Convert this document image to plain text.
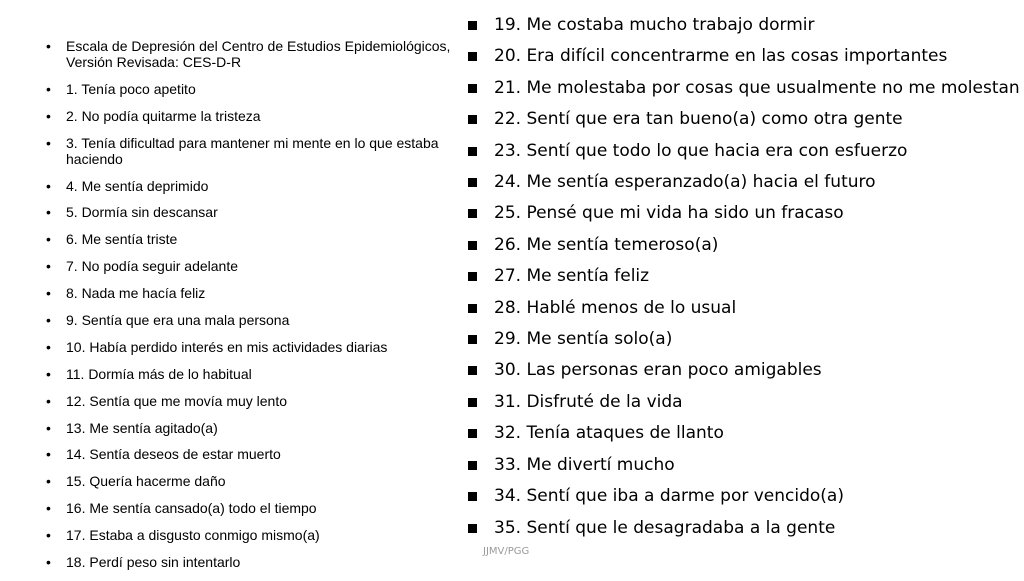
• Escala de Depresión del Centro de Estudios Epidemiológicos, Versión Revisada: CES-D-R
• 1. Tenía poco apetito
• 2. No podía quitarme la tristeza
• 3. Tenía dificultad para mantener mi mente en lo que estaba haciendo
• 4. Me sentía deprimido
• 5. Dormía sin descansar
• 6. Me sentía triste
• 7. No podía seguir adelante
• 8. Nada me hacía feliz
• 9. Sentía que era una mala persona
• 10. Había perdido interés en mis actividades diarias
• 11. Dormía más de lo habitual
• 12. Sentía que me movía muy lento
• 13. Me sentía agitado(a)
• 14. Sentía deseos de estar muerto
• 15. Quería hacerme daño
• 16. Me sentía cansado(a) todo el tiempo
• 17. Estaba a disgusto conmigo mismo(a)
• 18. Perdí peso sin intentarlo
19. Me costaba mucho trabajo dormir
20. Era difícil concentrarme en las cosas importantes
21. Me molestaba por cosas que usualmente no me molestan
22. Sentí que era tan bueno(a) como otra gente
23. Sentí que todo lo que hacia era con esfuerzo
24. Me sentía esperanzado(a) hacia el futuro
25. Pensé que mi vida ha sido un fracaso
26. Me sentía temeroso(a)
27. Me sentía feliz
28. Hablé menos de lo usual
29. Me sentía solo(a)
30. Las personas eran poco amigables
31. Disfruté de la vida
32. Tenía ataques de llanto
33. Me divertí mucho
34. Sentí que iba a darme por vencido(a)
35. Sentí que le desagradaba a la gente
JJMV/PGG
